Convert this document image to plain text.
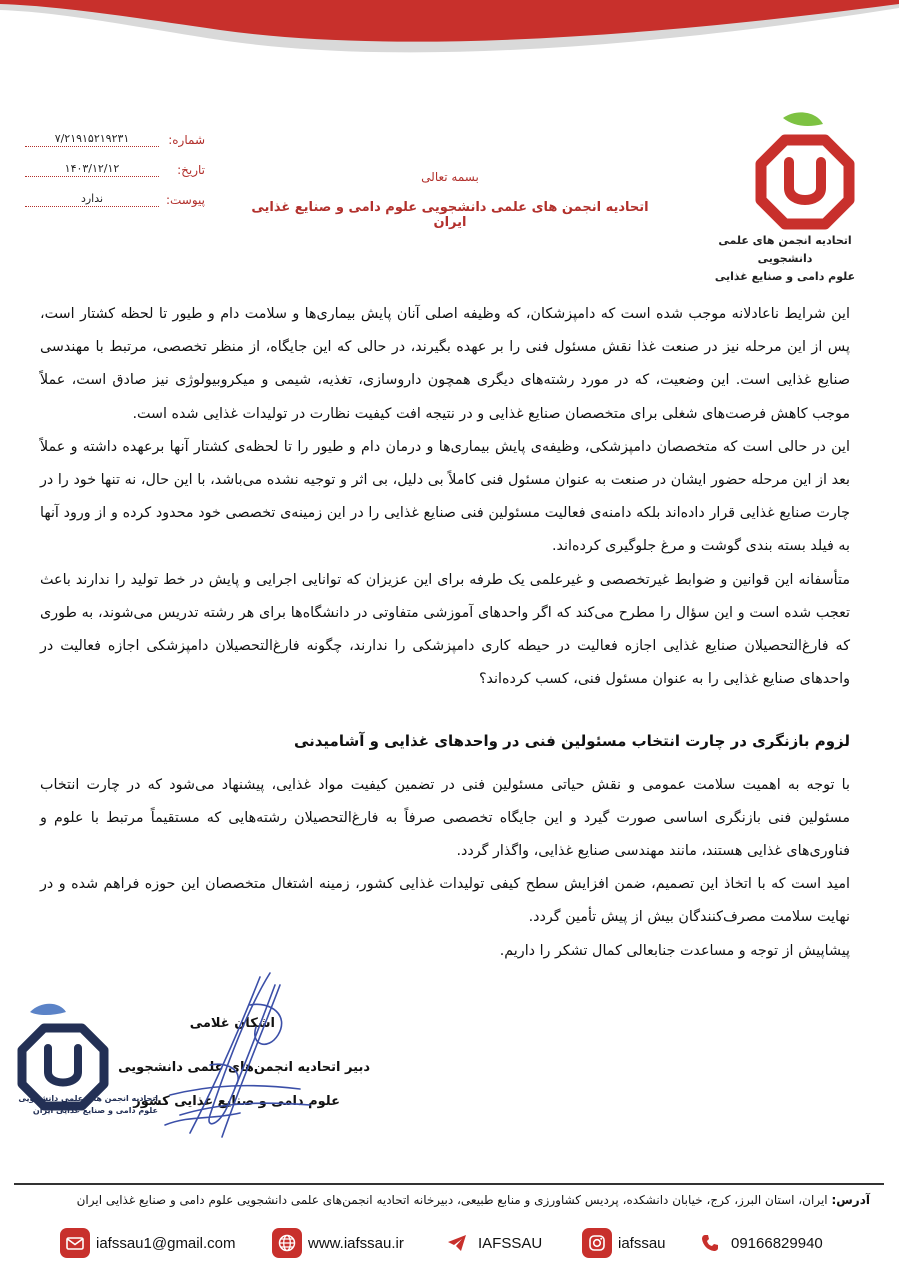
شماره:
۷/۲۱۹۱۵۲۱۹۲۳۱
تاریخ:
۱۴۰۳/۱۲/۱۲
پیوست:
ندارد
بسمه تعالی
اتحادیه انجمن های علمی دانشجویی علوم دامی و صنایع غذایی ایران
اتحادیه انجمن های علمی دانشجویی
علوم دامی و صنایع غذایی

این شرایط ناعادلانه موجب شده است که دامپزشکان، که وظیفه اصلی آنان پایش بیماری‌ها و سلامت دام و طیور تا لحظه کشتار است، پس از این مرحله نیز در صنعت غذا نقش مسئول فنی را بر عهده بگیرند، در حالی که این جایگاه، از منظر تخصصی، مرتبط با مهندسی صنایع غذایی است. این وضعیت، که در مورد رشته‌های دیگری همچون داروسازی، تغذیه، شیمی و میکروبیولوژی نیز صادق است، عملاً موجب کاهش فرصت‌های شغلی برای متخصصان صنایع غذایی و در نتیجه افت کیفیت نظارت در تولیدات غذایی شده است.

این در حالی است که متخصصان دامپزشکی، وظیفه‌ی پایش بیماری‌ها و درمان دام و طیور را تا لحظه‌ی کشتار آنها برعهده داشته و عملاً بعد از این مرحله حضور ایشان در صنعت به عنوان مسئول فنی کاملاً بی دلیل، بی اثر و توجیه نشده می‌باشد، با این حال، نه تنها خود را در چارت صنایع غذایی قرار داده‌اند بلکه دامنه‌ی فعالیت مسئولین فنی صنایع غذایی را در این زمینه‌ی تخصصی خود محدود کرده و از ورود آنها به فیلد بسته بندی گوشت و مرغ جلوگیری کرده‌اند.

متأسفانه این قوانین و ضوابط غیرتخصصی و غیرعلمی یک طرفه برای این عزیزان که توانایی اجرایی و پایش در خط تولید را ندارند باعث تعجب شده است و این سؤال را مطرح می‌کند که اگر واحدهای آموزشی متفاوتی در دانشگاه‌ها برای هر رشته تدریس می‌شوند، به طوری که فارغ‌التحصیلان صنایع غذایی اجازه فعالیت در حیطه کاری دامپزشکی را ندارند، چگونه فارغ‌التحصیلان دامپزشکی اجازه فعالیت در واحدهای صنایع غذایی را به عنوان مسئول فنی، کسب کرده‌اند؟

لزوم بازنگری در چارت انتخاب مسئولین فنی در واحدهای غذایی و آشامیدنی

با توجه به اهمیت سلامت عمومی و نقش حیاتی مسئولین فنی در تضمین کیفیت مواد غذایی، پیشنهاد می‌شود که در چارت انتخاب مسئولین فنی بازنگری اساسی صورت گیرد و این جایگاه تخصصی صرفاً به فارغ‌التحصیلان رشته‌هایی که مستقیماً مرتبط با علوم و فناوری‌های غذایی هستند، مانند مهندسی صنایع غذایی، واگذار گردد.

امید است که با اتخاذ این تصمیم، ضمن افزایش سطح کیفی تولیدات غذایی کشور، زمینه اشتغال متخصصان این حوزه فراهم شده و در نهایت سلامت مصرف‌کنندگان بیش از پیش تأمین گردد.

پیشاپیش از توجه و مساعدت جنابعالی کمال تشکر را داریم.

اتحادیه انجمن های علمی دانشجویی
علوم دامی و صنایع غذایی ایران
اشکان غلامی
دبیر اتحادیه انجمن‌های علمی دانشجویی
علوم دامی و صنایع غذایی کشور
آدرس: ایران، استان البرز، کرج، خیابان دانشکده، پردیس کشاورزی و منابع طبیعی، دبیرخانه اتحادیه انجمن‌های علمی دانشجویی علوم دامی و صنایع غذایی ایران
iafssau1@gmail.com	www.iafssau.ir	IAFSSAU	iafssau	09166829940
